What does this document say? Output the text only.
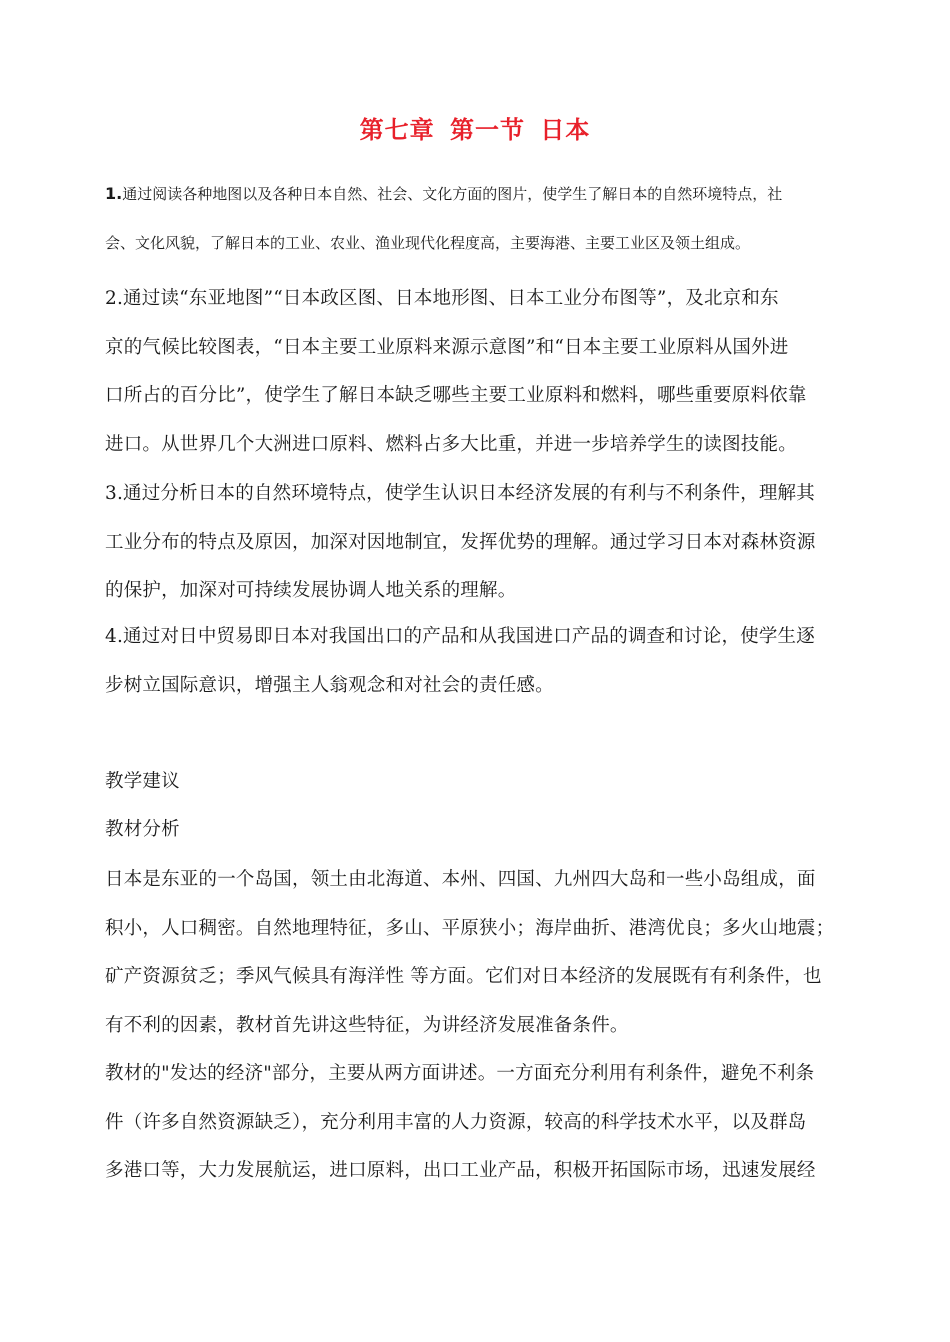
第七章 第一节 日本
1.通过阅读各种地图以及各种日本自然、社会、文化方面的图片，使学生了解日本的自然环境特点，社
会、文化风貌，了解日本的工业、农业、渔业现代化程度高，主要海港、主要工业区及领土组成。
2.通过读“东亚地图”“日本政区图、日本地形图、日本工业分布图等”，及北京和东
京的气候比较图表，“日本主要工业原料来源示意图”和“日本主要工业原料从国外进
口所占的百分比”，使学生了解日本缺乏哪些主要工业原料和燃料，哪些重要原料依靠
进口。从世界几个大洲进口原料、燃料占多大比重，并进一步培养学生的读图技能。
3.通过分析日本的自然环境特点，使学生认识日本经济发展的有利与不利条件，理解其
工业分布的特点及原因，加深对因地制宜，发挥优势的理解。通过学习日本对森林资源
的保护，加深对可持续发展协调人地关系的理解。
4.通过对日中贸易即日本对我国出口的产品和从我国进口产品的调查和讨论，使学生逐
步树立国际意识，增强主人翁观念和对社会的责任感。
教学建议
教材分析
日本是东亚的一个岛国，领土由北海道、本州、四国、九州四大岛和一些小岛组成，面
积小，人口稠密。自然地理特征，多山、平原狭小；海岸曲折、港湾优良；多火山地震；
矿产资源贫乏；季风气候具有海洋性 等方面。它们对日本经济的发展既有有利条件，也
有不利的因素，教材首先讲这些特征，为讲经济发展准备条件。
教材的"发达的经济"部分，主要从两方面讲述。一方面充分利用有利条件，避免不利条
件（许多自然资源缺乏），充分利用丰富的人力资源，较高的科学技术水平，以及群岛
多港口等，大力发展航运，进口原料，出口工业产品，积极开拓国际市场，迅速发展经
